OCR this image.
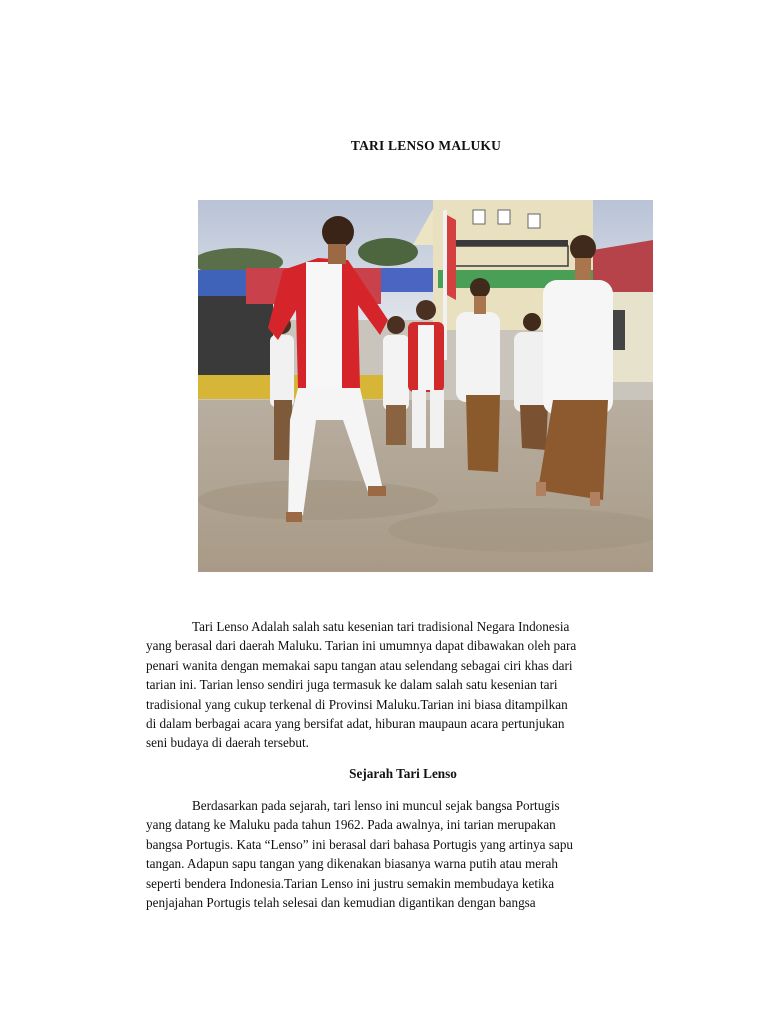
TARI LENSO MALUKU
Tari Lenso Adalah salah satu kesenian tari tradisional Negara Indonesia
yang berasal dari daerah Maluku. Tarian ini umumnya dapat dibawakan oleh para
penari wanita dengan memakai sapu tangan atau selendang sebagai ciri khas dari
tarian ini. Tarian lenso sendiri juga termasuk ke dalam salah satu kesenian tari
tradisional yang cukup terkenal di Provinsi Maluku.Tarian ini biasa ditampilkan
di dalam berbagai acara yang bersifat adat, hiburan maupaun acara pertunjukan
seni budaya di daerah tersebut.
Sejarah Tari Lenso
Berdasarkan pada sejarah, tari lenso ini muncul sejak bangsa Portugis
yang datang ke Maluku pada tahun 1962. Pada awalnya, ini tarian merupakan
bangsa Portugis. Kata “Lenso” ini berasal dari bahasa Portugis yang artinya sapu
tangan. Adapun sapu tangan yang dikenakan biasanya warna putih atau merah
seperti bendera Indonesia.Tarian Lenso ini justru semakin membudaya ketika
penjajahan Portugis telah selesai dan kemudian digantikan dengan bangsa
